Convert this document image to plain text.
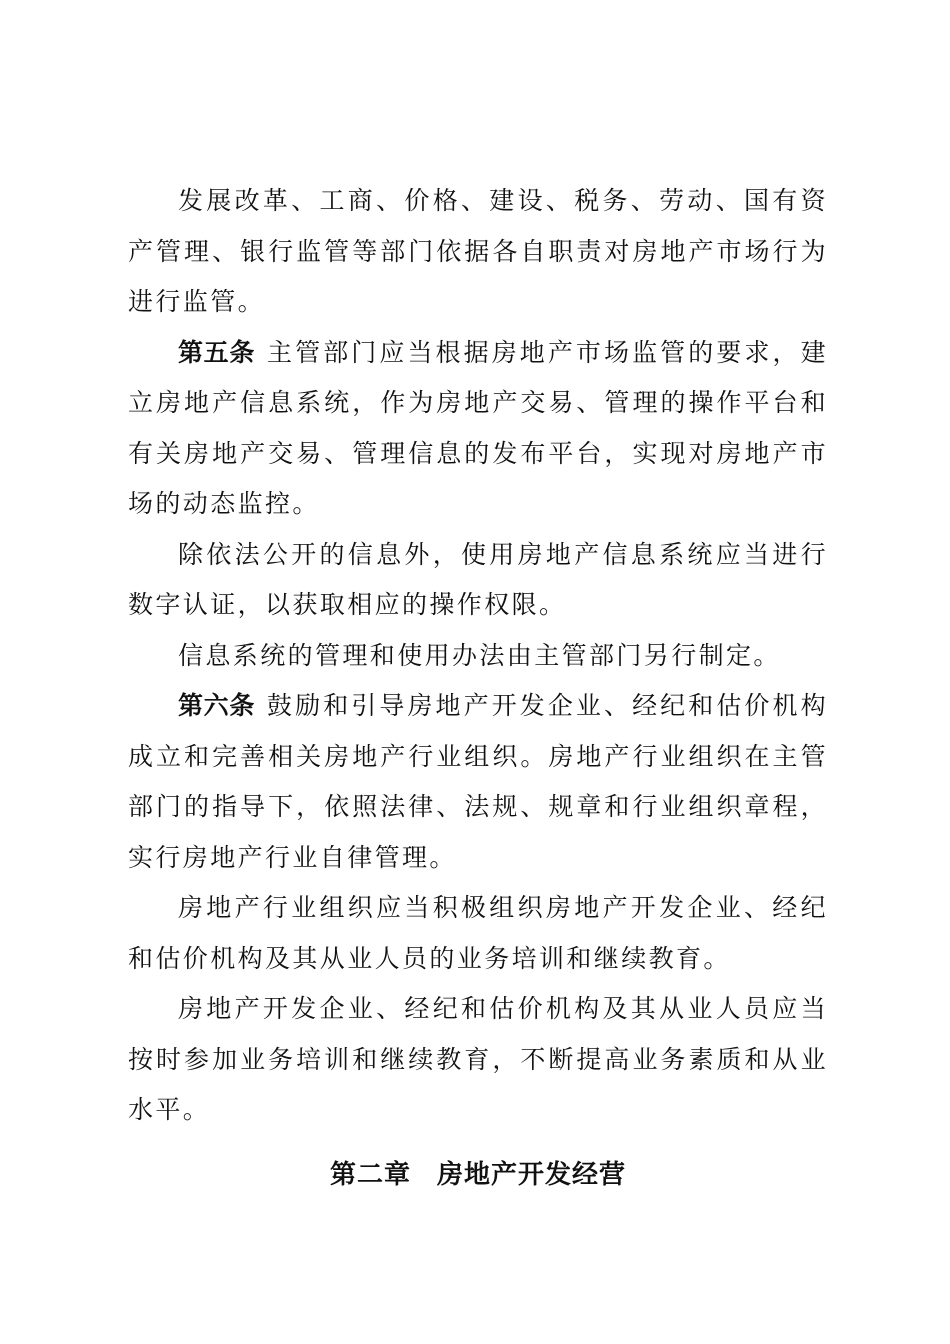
发展改革、工商、价格、建设、税务、劳动、国有资产管理、银行监管等部门依据各自职责对房地产市场行为进行监管。

第五条 主管部门应当根据房地产市场监管的要求，建立房地产信息系统，作为房地产交易、管理的操作平台和有关房地产交易、管理信息的发布平台，实现对房地产市场的动态监控。

除依法公开的信息外，使用房地产信息系统应当进行数字认证，以获取相应的操作权限。

信息系统的管理和使用办法由主管部门另行制定。

第六条 鼓励和引导房地产开发企业、经纪和估价机构成立和完善相关房地产行业组织。房地产行业组织在主管部门的指导下，依照法律、法规、规章和行业组织章程，实行房地产行业自律管理。

房地产行业组织应当积极组织房地产开发企业、经纪和估价机构及其从业人员的业务培训和继续教育。

房地产开发企业、经纪和估价机构及其从业人员应当按时参加业务培训和继续教育，不断提高业务素质和从业水平。

第二章 房地产开发经营
